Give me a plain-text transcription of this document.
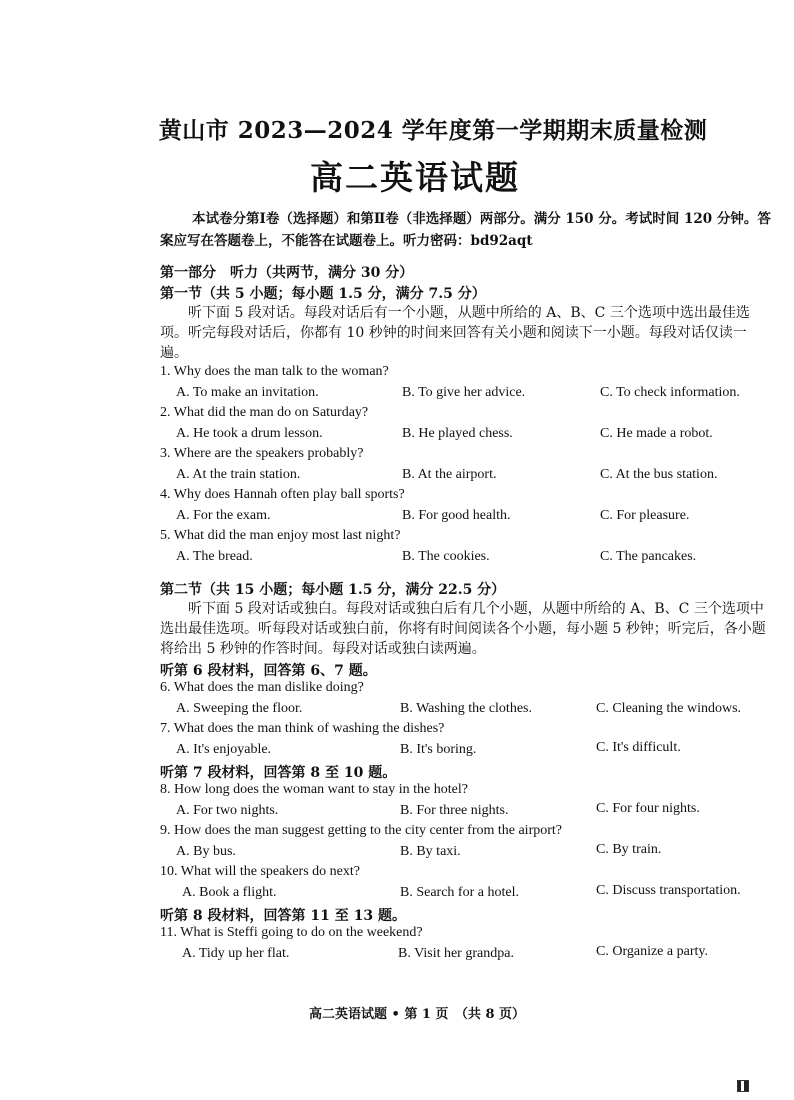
黄山市 2023—2024 学年度第一学期期末质量检测
高二英语试题
本试卷分第Ⅰ卷（选择题）和第Ⅱ卷（非选择题）两部分。满分 150 分。考试时间 120 分钟。答案应写在答题卷上，不能答在试题卷上。听力密码：bd92aqt
第一部分　听力（共两节，满分 30 分）
第一节（共 5 小题；每小题 1.5 分，满分 7.5 分）
听下面 5 段对话。每段对话后有一个小题，从题中所给的 A、B、C 三个选项中选出最佳选项。听完每段对话后，你都有 10 秒钟的时间来回答有关小题和阅读下一小题。每段对话仅读一遍。
1. Why does the man talk to the woman?
A. To make an invitation.	B. To give her advice.	C. To check information.
2. What did the man do on Saturday?
A. He took a drum lesson.	B. He played chess.	C. He made a robot.
3. Where are the speakers probably?
A. At the train station.	B. At the airport.	C. At the bus station.
4. Why does Hannah often play ball sports?
A. For the exam.	B. For good health.	C. For pleasure.
5. What did the man enjoy most last night?
A. The bread.	B. The cookies.	C. The pancakes.
第二节（共 15 小题；每小题 1.5 分，满分 22.5 分）
听下面 5 段对话或独白。每段对话或独白后有几个小题，从题中所给的 A、B、C 三个选项中选出最佳选项。听每段对话或独白前，你将有时间阅读各个小题，每小题 5 秒钟；听完后，各小题将给出 5 秒钟的作答时间。每段对话或独白读两遍。
听第 6 段材料，回答第 6、7 题。
6. What does the man dislike doing?
A. Sweeping the floor.	B. Washing the clothes.	C. Cleaning the windows.
7. What does the man think of washing the dishes?
A. It's enjoyable.	B. It's boring.	C. It's difficult.
听第 7 段材料，回答第 8 至 10 题。
8. How long does the woman want to stay in the hotel?
A. For two nights.	B. For three nights.	C. For four nights.
9. How does the man suggest getting to the city center from the airport?
A. By bus.	B. By taxi.	C. By train.
10. What will the speakers do next?
A. Book a flight.	B. Search for a hotel.	C. Discuss transportation.
听第 8 段材料，回答第 11 至 13 题。
11. What is Steffi going to do on the weekend?
A. Tidy up her flat.	B. Visit her grandpa.	C. Organize a party.
高二英语试题 • 第 1 页　（共 8 页）
